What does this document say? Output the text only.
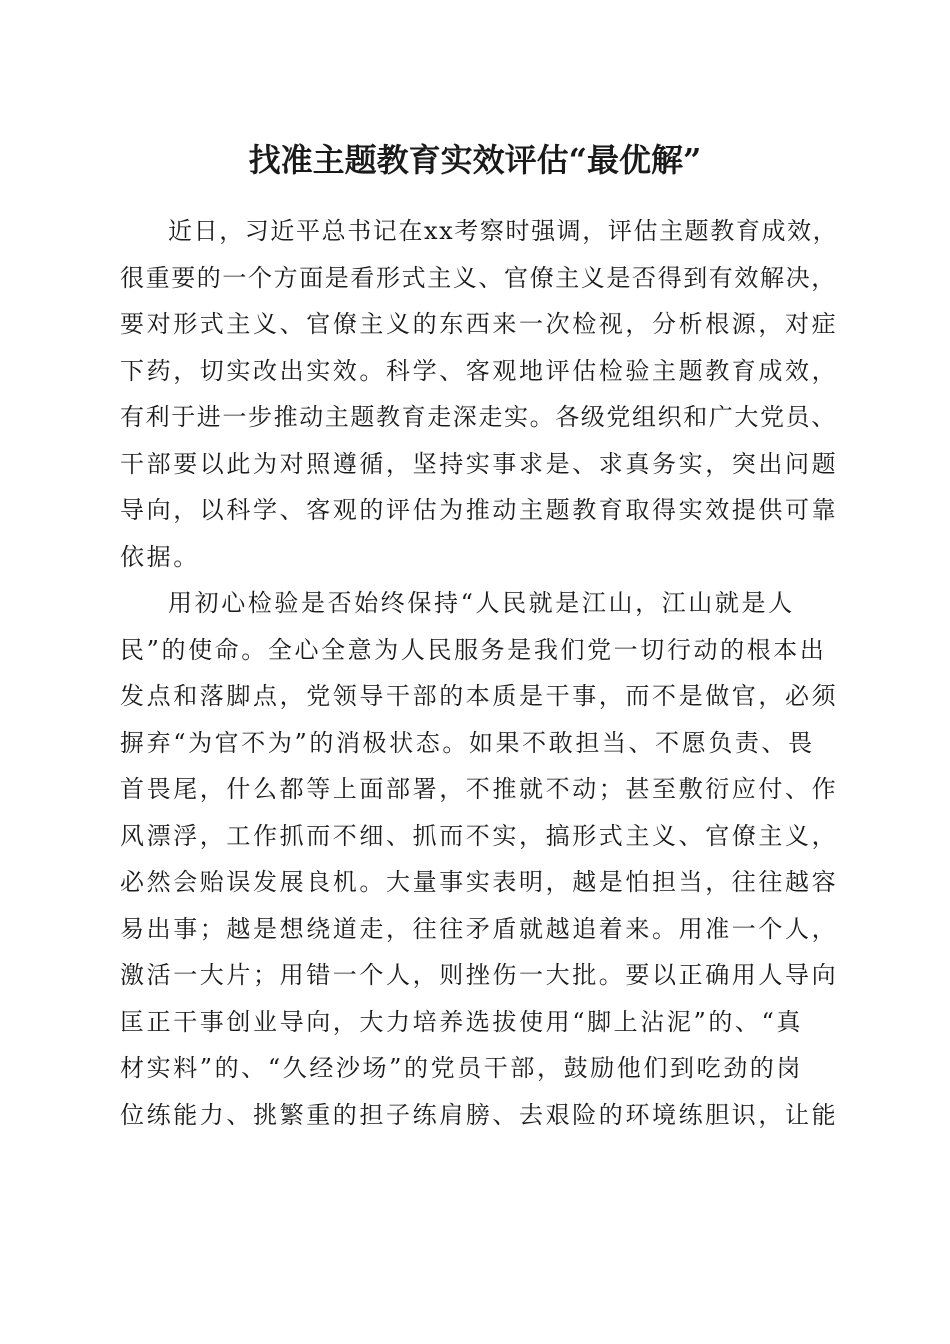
找准主题教育实效评估“最优解”
近日，习近平总书记在xx考察时强调，评估主题教育成效，
很重要的一个方面是看形式主义、官僚主义是否得到有效解决，
要对形式主义、官僚主义的东西来一次检视，分析根源，对症
下药，切实改出实效。科学、客观地评估检验主题教育成效，
有利于进一步推动主题教育走深走实。各级党组织和广大党员、
干部要以此为对照遵循，坚持实事求是、求真务实，突出问题
导向，以科学、客观的评估为推动主题教育取得实效提供可靠
依据。
用初心检验是否始终保持“人民就是江山，江山就是人
民”的使命。全心全意为人民服务是我们党一切行动的根本出
发点和落脚点，党领导干部的本质是干事，而不是做官，必须
摒弃“为官不为”的消极状态。如果不敢担当、不愿负责、畏
首畏尾，什么都等上面部署，不推就不动；甚至敷衍应付、作
风漂浮，工作抓而不细、抓而不实，搞形式主义、官僚主义，
必然会贻误发展良机。大量事实表明，越是怕担当，往往越容
易出事；越是想绕道走，往往矛盾就越追着来。用准一个人，
激活一大片；用错一个人，则挫伤一大批。要以正确用人导向
匡正干事创业导向，大力培养选拔使用“脚上沾泥”的、“真
材实料”的、“久经沙场”的党员干部，鼓励他们到吃劲的岗
位练能力、挑繁重的担子练肩膀、去艰险的环境练胆识，让能
